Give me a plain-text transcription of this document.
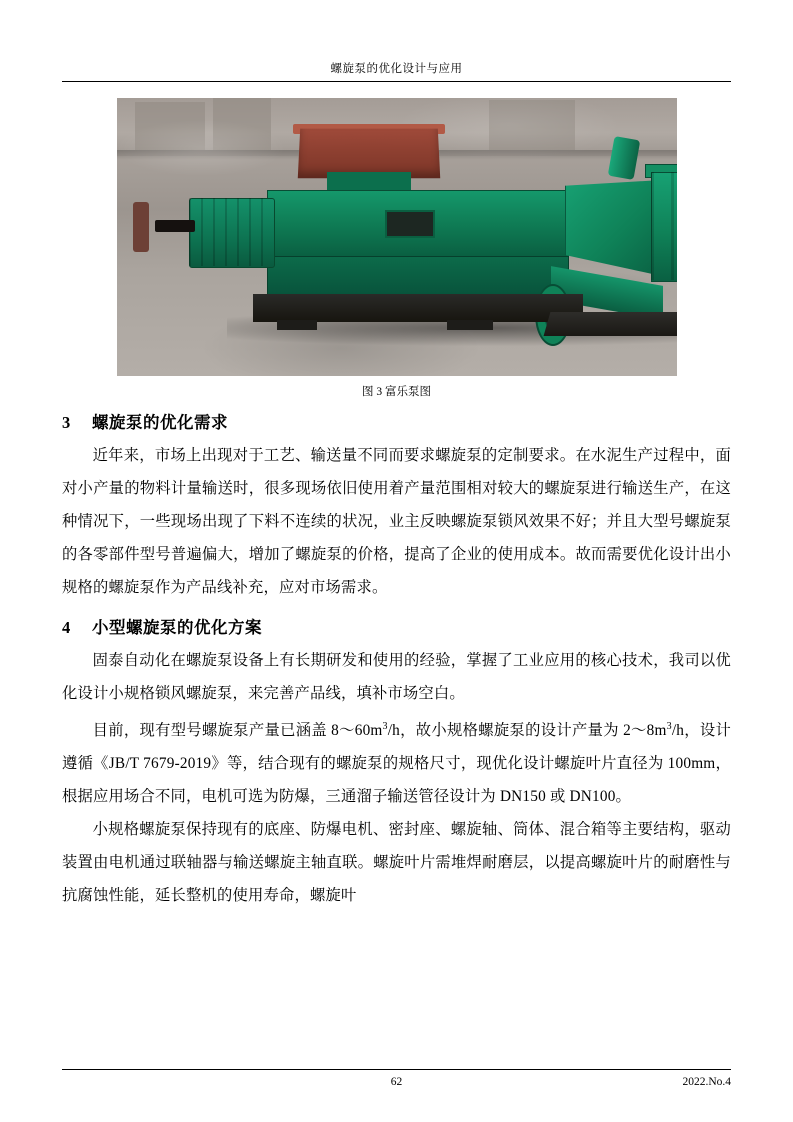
螺旋泵的优化设计与应用
图 3 富乐泵图
3 螺旋泵的优化需求

近年来，市场上出现对于工艺、输送量不同而要求螺旋泵的定制要求。在水泥生产过程中，面对小产量的物料计量输送时，很多现场依旧使用着产量范围相对较大的螺旋泵进行输送生产，在这种情况下，一些现场出现了下料不连续的状况，业主反映螺旋泵锁风效果不好；并且大型号螺旋泵的各零部件型号普遍偏大，增加了螺旋泵的价格，提高了企业的使用成本。故而需要优化设计出小规格的螺旋泵作为产品线补充，应对市场需求。

4 小型螺旋泵的优化方案

固泰自动化在螺旋泵设备上有长期研发和使用的经验，掌握了工业应用的核心技术，我司以优化设计小规格锁风螺旋泵，来完善产品线，填补市场空白。

目前，现有型号螺旋泵产量已涵盖 $8\sim 60m^3/h$，故小规格螺旋泵的设计产量为 $2\sim 8m^3/h$，设计遵循《JB/T 7679-2019》等，结合现有的螺旋泵的规格尺寸，现优化设计螺旋叶片直径为 100mm，根据应用场合不同，电机可选为防爆，三通溜子输送管径设计为 DN150 或 DN100。

小规格螺旋泵保持现有的底座、防爆电机、密封座、螺旋轴、筒体、混合箱等主要结构，驱动装置由电机通过联轴器与输送螺旋主轴直联。螺旋叶片需堆焊耐磨层，以提高螺旋叶片的耐磨性与抗腐蚀性能，延长整机的使用寿命，螺旋叶

62	2022.No.4
